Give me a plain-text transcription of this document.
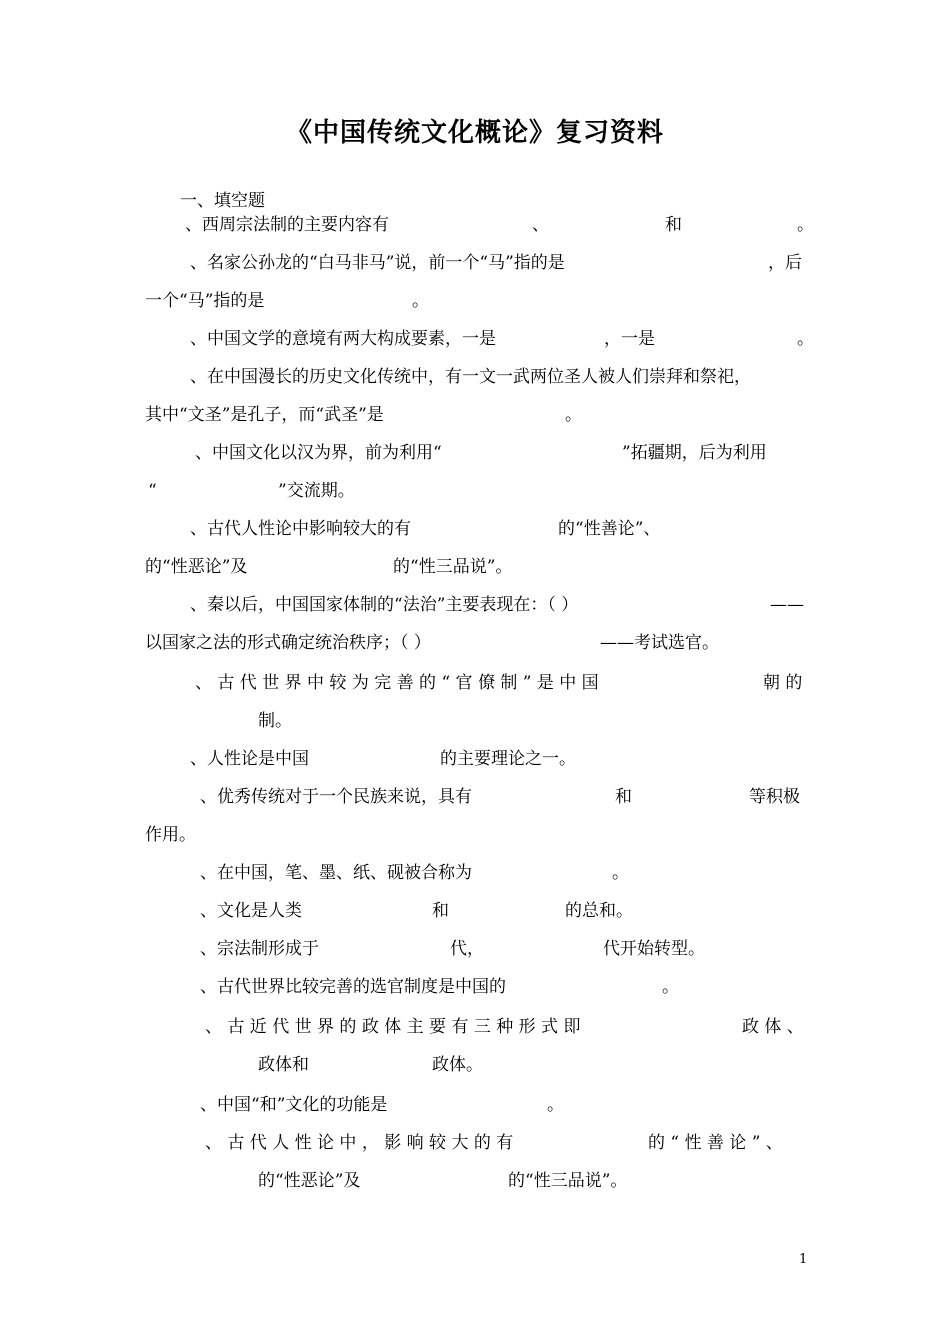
《中国传统文化概论》复习资料
一、填空题
、西周宗法制的主要内容有	、	和	。
、名家公孙龙的“白马非马”说，前一个“马”指的是	，后
一个“马”指的是	。
、中国文学的意境有两大构成要素，一是	，一是	。
、在中国漫长的历史文化传统中，有一文一武两位圣人被人们崇拜和祭祀，
其中“文圣”是孔子，而“武圣”是	。
、中国文化以汉为界，前为利用“	”拓疆期，后为利用
“	”交流期。
、古代人性论中影响较大的有	的“性善论”、
的“性恶论”及	的“性三品说”。
、秦以后，中国国家体制的“法治”主要表现在：（ ）	——
以国家之法的形式确定统治秩序；（ ）	——考试选官。
、 古 代 世 界 中 较 为 完 善 的 “ 官 僚 制 ” 是 中 国	朝 的
制。
、人性论是中国	的主要理论之一。
、优秀传统对于一个民族来说，具有	和	等积极
作用。
、在中国，笔、墨、纸、砚被合称为	。
、文化是人类	和	的总和。
、宗法制形成于	代，	代开始转型。
、古代世界比较完善的选官制度是中国的	。
、 古 近 代 世 界 的 政 体 主 要 有 三 种 形 式 即	政 体 、
政体和	政体。
、中国“和”文化的功能是	。
、 古 代 人 性 论 中 ， 影 响 较 大 的 有	的 “ 性 善 论 ” 、
的“性恶论”及	的“性三品说”。
1
